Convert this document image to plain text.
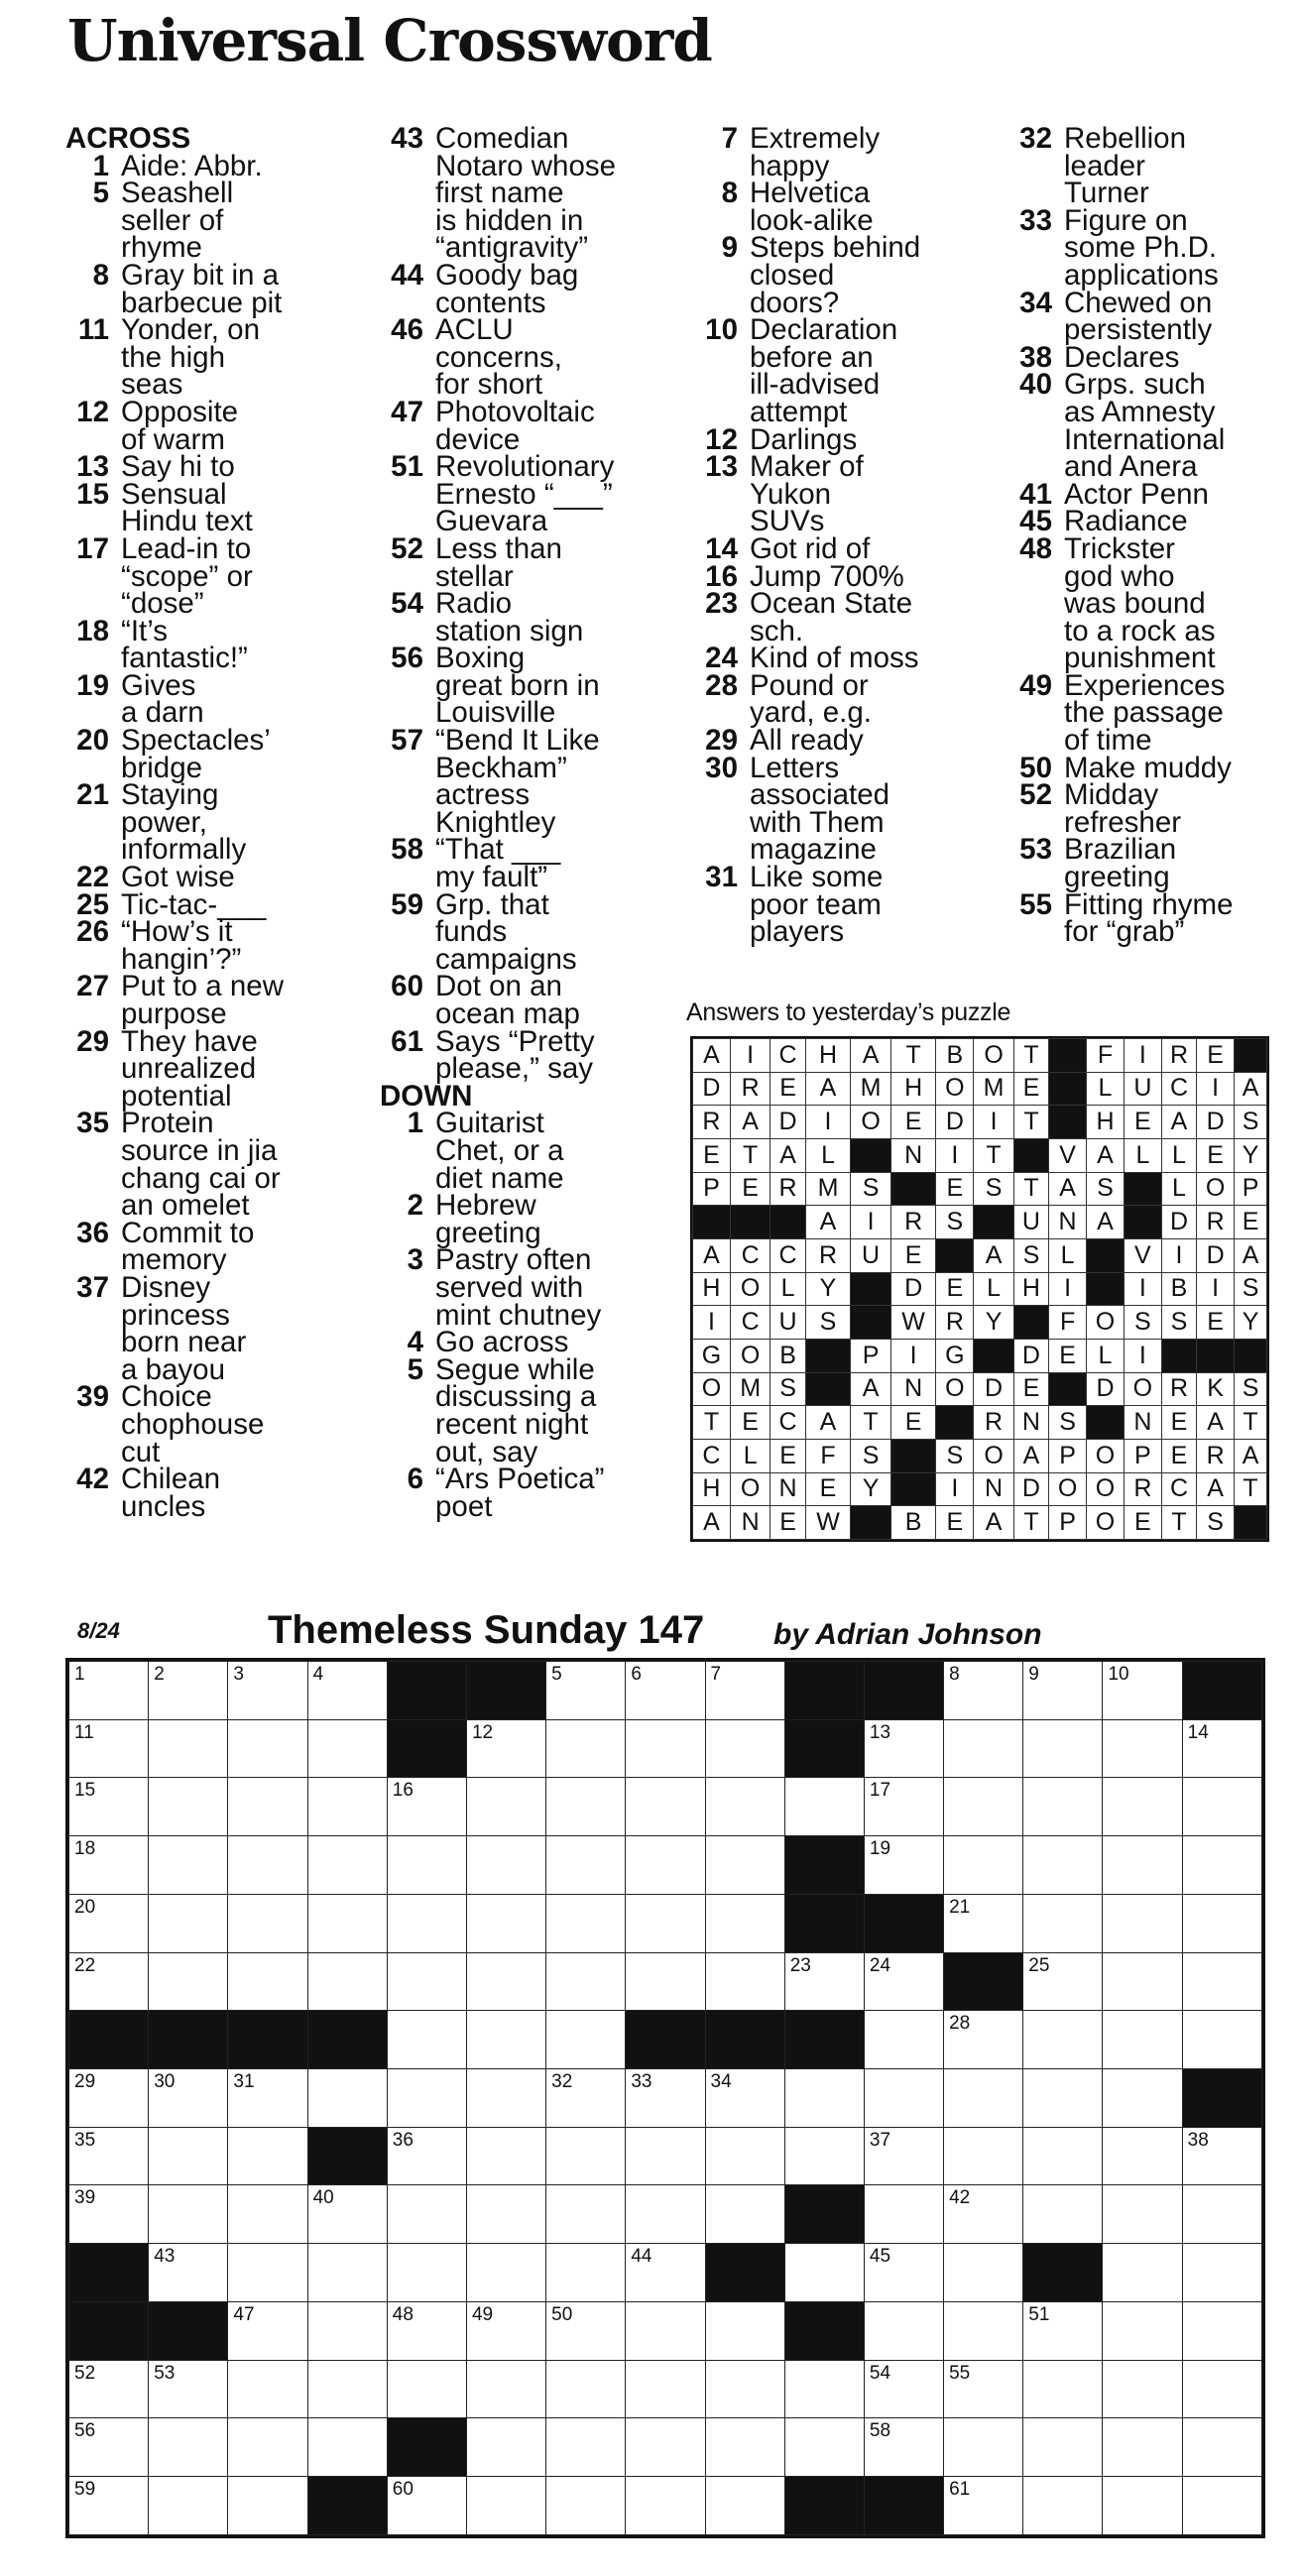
Universal Crossword
ACROSS
1 Aide: Abbr.
5 Seashell
seller of
rhyme
8 Gray bit in a
barbecue pit
11 Yonder, on
the high
seas
12 Opposite
of warm
13 Say hi to
15 Sensual
Hindu text
17 Lead-in to
“scope” or
“dose”
18 “It’s
fantastic!”
19 Gives
a darn
20 Spectacles’
bridge
21 Staying
power,
informally
22 Got wise
25 Tic-tac-___
26 “How’s it
hangin’?”
27 Put to a new
purpose
29 They have
unrealized
potential
35 Protein
source in jia
chang cai or
an omelet
36 Commit to
memory
37 Disney
princess
born near
a bayou
39 Choice
chophouse
cut
42 Chilean
uncles
43 Comedian
Notaro whose
first name
is hidden in
“antigravity”
44 Goody bag
contents
46 ACLU
concerns,
for short
47 Photovoltaic
device
51 Revolutionary
Ernesto “___”
Guevara
52 Less than
stellar
54 Radio
station sign
56 Boxing
great born in
Louisville
57 “Bend It Like
Beckham”
actress
Knightley
58 “That ___
my fault”
59 Grp. that
funds
campaigns
60 Dot on an
ocean map
61 Says “Pretty
please,” say
DOWN
1 Guitarist
Chet, or a
diet name
2 Hebrew
greeting
3 Pastry often
served with
mint chutney
4 Go across
5 Segue while
discussing a
recent night
out, say
6 “Ars Poetica”
poet
7 Extremely
happy
8 Helvetica
look-alike
9 Steps behind
closed
doors?
10 Declaration
before an
ill-advised
attempt
12 Darlings
13 Maker of
Yukon
SUVs
14 Got rid of
16 Jump 700%
23 Ocean State
sch.
24 Kind of moss
28 Pound or
yard, e.g.
29 All ready
30 Letters
associated
with Them
magazine
31 Like some
poor team
players
32 Rebellion
leader
Turner
33 Figure on
some Ph.D.
applications
34 Chewed on
persistently
38 Declares
40 Grps. such
as Amnesty
International
and Anera
41 Actor Penn
45 Radiance
48 Trickster
god who
was bound
to a rock as
punishment
49 Experiences
the passage
of time
50 Make muddy
52 Midday
refresher
53 Brazilian
greeting
55 Fitting rhyme
for “grab”
Answers to yesterday’s puzzle
A	I	C	H	A	T	B	O	T		F	I	R	E	
D	R	E	A	M	H	O	M	E		L	U	C	I	A
R	A	D	I	O	E	D	I	T		H	E	A	D	S
E	T	A	L		N	I	T		V	A	L	L	E	Y
P	E	R	M	S		E	S	T	A	S		L	O	P
			A	I	R	S		U	N	A		D	R	E
A	C	C	R	U	E		A	S	L		V	I	D	A
H	O	L	Y		D	E	L	H	I		I	B	I	S
I	C	U	S		W	R	Y		F	O	S	S	E	Y
G	O	B		P	I	G		D	E	L	I			
O	M	S		A	N	O	D	E		D	O	R	K	S
T	E	C	A	T	E		R	N	S		N	E	A	T
C	L	E	F	S		S	O	A	P	O	P	E	R	A
H	O	N	E	Y		I	N	D	O	O	R	C	A	T
A	N	E	W		B	E	A	T	P	O	E	T	S	
8/24	Themeless Sunday 147 by Adrian Johnson
1	2	3	4			5	6	7			8	9	10	

11					12					13				14

15				16						17				

18										19				

20											21			

22									23	24		25		

											28			

29	30	31				32	33	34						

35				36						37				38

39			40								42			

	43						44			45				

		47		48	49	50						51		

52	53									54	55			

56										58				

59				60							61			
